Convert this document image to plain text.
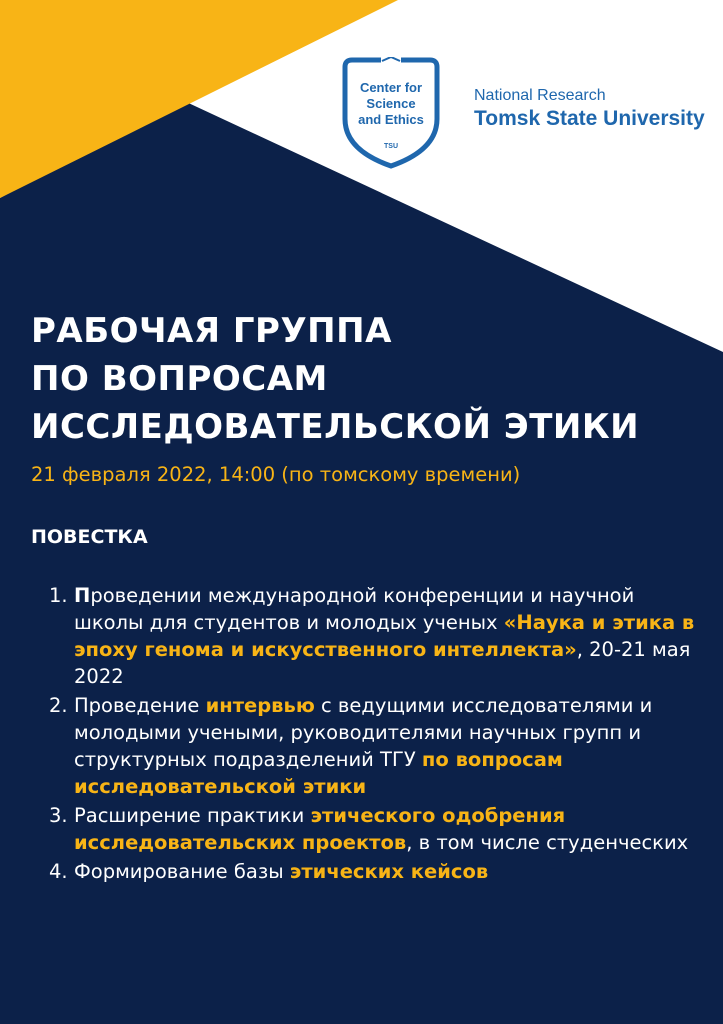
Center for
Science
and Ethics
TSU
National Research
Tomsk State University
РАБОЧАЯ ГРУППА
ПО ВОПРОСАМ
ИССЛЕДОВАТЕЛЬСКОЙ ЭТИКИ
21 февраля 2022, 14:00 (по томскому времени)
ПОВЕСТКА
1. Проведении международной конференции и научной школы для студентов и молодых ученых «Наука и этика в эпоху генома и искусственного интеллекта», 20-21 мая 2022
2. Проведение интервью с ведущими исследователями и молодыми учеными, руководителями научных групп и структурных подразделений ТГУ по вопросам исследовательской этики
3. Расширение практики этического одобрения исследовательских проектов, в том числе студенческих
4. Формирование базы этических кейсов
